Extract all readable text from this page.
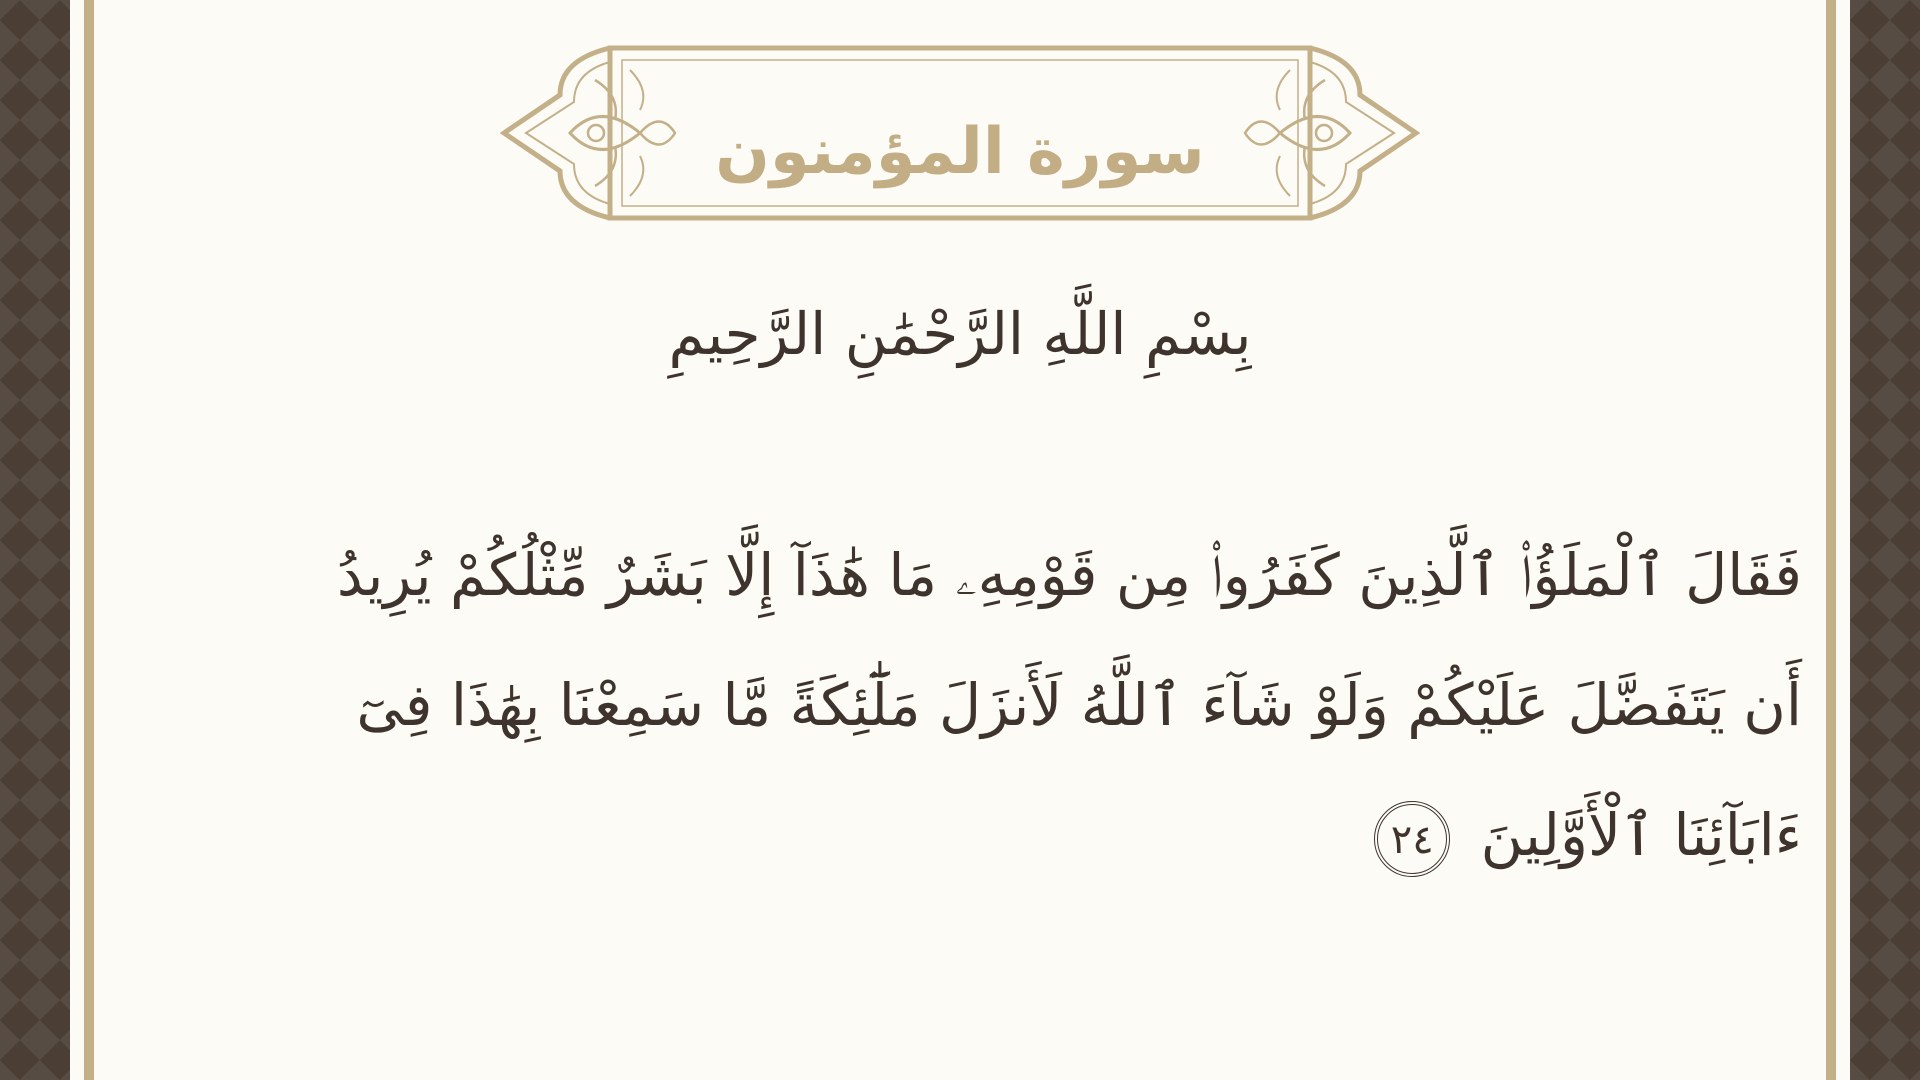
سورة المؤمنون

بِسْمِ اللَّهِ الرَّحْمَٰنِ الرَّحِيمِ

فَقَالَ ٱلْمَلَؤُا۟ ٱلَّذِينَ كَفَرُوا۟ مِن قَوْمِهِۦ مَا هَٰذَآ إِلَّا بَشَرٌ مِّثْلُكُمْ يُرِيدُ أَن يَتَفَضَّلَ عَلَيْكُمْ وَلَوْ شَآءَ ٱللَّهُ لَأَنزَلَ مَلَٰٓئِكَةً مَّا سَمِعْنَا بِهَٰذَا فِىٓ ءَابَآئِنَا ٱلْأَوَّلِينَ ٢٤
